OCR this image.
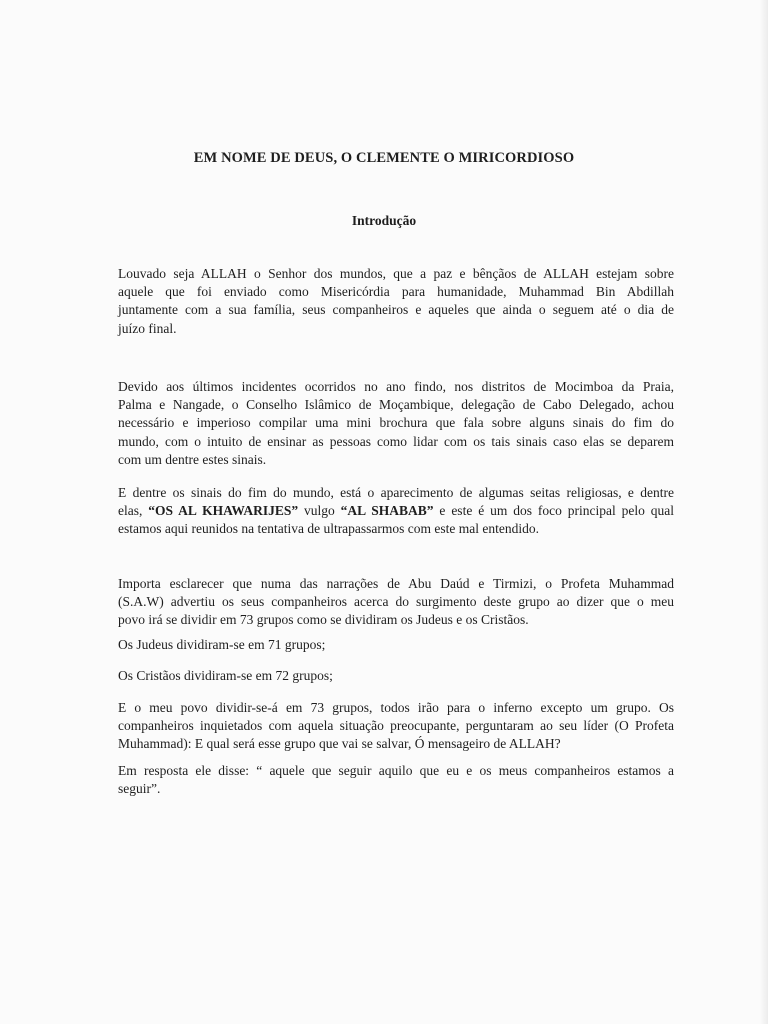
EM NOME DE DEUS, O CLEMENTE O MIRICORDIOSO
Introdução
Louvado seja ALLAH o Senhor dos mundos, que a paz e bênçãos de ALLAH estejam sobre
aquele que foi enviado como Misericórdia para humanidade, Muhammad Bin Abdillah
juntamente com a sua família, seus companheiros e aqueles que ainda o seguem até o dia de
juízo final.
Devido aos últimos incidentes ocorridos no ano findo, nos distritos de Mocimboa da Praia,
Palma e Nangade, o Conselho Islâmico de Moçambique, delegação de Cabo Delegado, achou
necessário e imperioso compilar uma mini brochura que fala sobre alguns sinais do fim do
mundo, com o intuito de ensinar as pessoas como lidar com os tais sinais caso elas se deparem
com um dentre estes sinais.
E dentre os sinais do fim do mundo, está o aparecimento de algumas seitas religiosas, e dentre
elas, “OS AL KHAWARIJES” vulgo “AL SHABAB” e este é um dos foco principal pelo qual
estamos aqui reunidos na tentativa de ultrapassarmos com este mal entendido.
Importa esclarecer que numa das narrações de Abu Daúd e Tirmizi, o Profeta Muhammad
(S.A.W) advertiu os seus companheiros acerca do surgimento deste grupo ao dizer que o meu
povo irá se dividir em 73 grupos como se dividiram os Judeus e os Cristãos.
Os Judeus dividiram-se em 71 grupos;
Os Cristãos dividiram-se em 72 grupos;
E o meu povo dividir-se-á em 73 grupos, todos irão para o inferno excepto um grupo. Os
companheiros inquietados com aquela situação preocupante, perguntaram ao seu líder (O Profeta
Muhammad): E qual será esse grupo que vai se salvar, Ó mensageiro de ALLAH?
Em resposta ele disse: “ aquele que seguir aquilo que eu e os meus companheiros estamos a
seguir”.
